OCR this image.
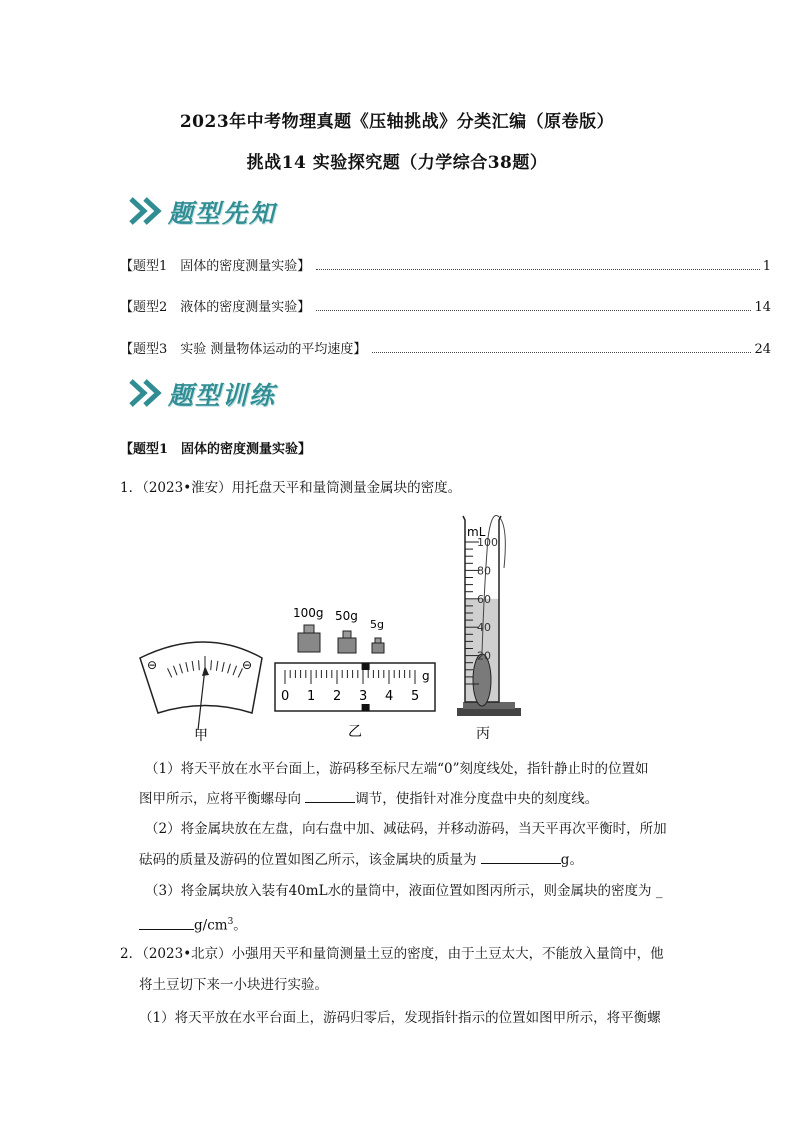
2023年中考物理真题《压轴挑战》分类汇编（原卷版）
挑战14 实验探究题（力学综合38题）
题型先知
【题型1　固体的密度测量实验】	1
【题型2　液体的密度测量实验】	14
【题型3　实验 测量物体运动的平均速度】	24
题型训练
【题型1　固体的密度测量实验】
1．（2023•淮安）用托盘天平和量筒测量金属块的密度。
⊖	⊖
甲
100g 50g
5g
0 1 2 3 4 5
g
乙
mL
100
80
60
40
20
丙
（1）将天平放在水平台面上，游码移至标尺左端“0”刻度线处，指针静止时的位置如
图甲所示，应将平衡螺母向	调节，使指针对准分度盘中央的刻度线。
（2）将金属块放在左盘，向右盘中加、减砝码，并移动游码，当天平再次平衡时，所加
砝码的质量及游码的位置如图乙所示，该金属块的质量为	g。
（3）将金属块放入装有40mL水的量筒中，液面位置如图丙所示，则金属块的密度为 _
$g/cm^3$。
2．（2023•北京）小强用天平和量筒测量土豆的密度，由于土豆太大，不能放入量筒中，他
将土豆切下来一小块进行实验。
（1）将天平放在水平台面上，游码归零后，发现指针指示的位置如图甲所示，将平衡螺
